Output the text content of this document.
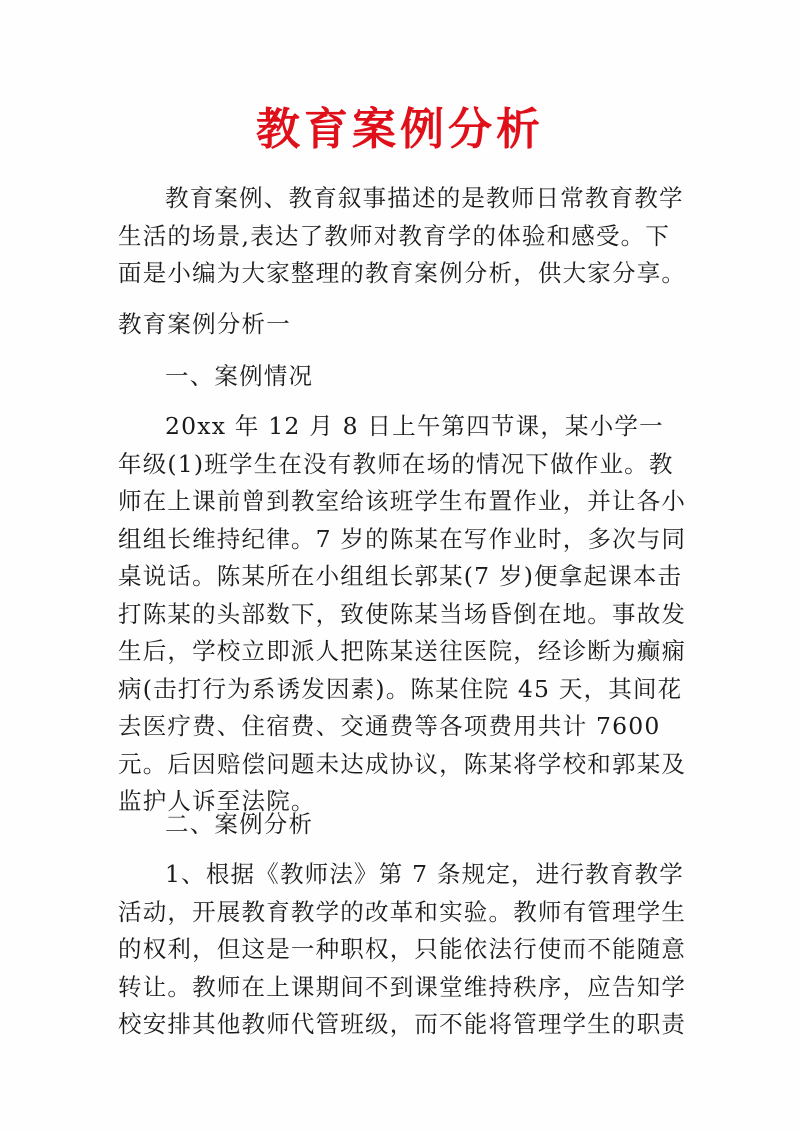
教育案例分析

教育案例、教育叙事描述的是教师日常教育教学生活的场景,表达了教师对教育学的体验和感受。下面是小编为大家整理的教育案例分析，供大家分享。

教育案例分析一
一、案例情况

20xx 年 12 月 8 日上午第四节课，某小学一年级(1)班学生在没有教师在场的情况下做作业。教师在上课前曾到教室给该班学生布置作业，并让各小组组长维持纪律。7 岁的陈某在写作业时，多次与同桌说话。陈某所在小组组长郭某(7 岁)便拿起课本击打陈某的头部数下，致使陈某当场昏倒在地。事故发生后，学校立即派人把陈某送往医院，经诊断为癫痫病(击打行为系诱发因素)。陈某住院 45 天，其间花去医疗费、住宿费、交通费等各项费用共计 7600 元。后因赔偿问题未达成协议，陈某将学校和郭某及监护人诉至法院。

二、案例分析

1、根据《教师法》第 7 条规定，进行教育教学活动，开展教育教学的改革和实验。教师有管理学生的权利，但这是一种职权，只能依法行使而不能随意转让。教师在上课期间不到课堂维持秩序，应告知学校安排其他教师代管班级，而不能将管理学生的职责
